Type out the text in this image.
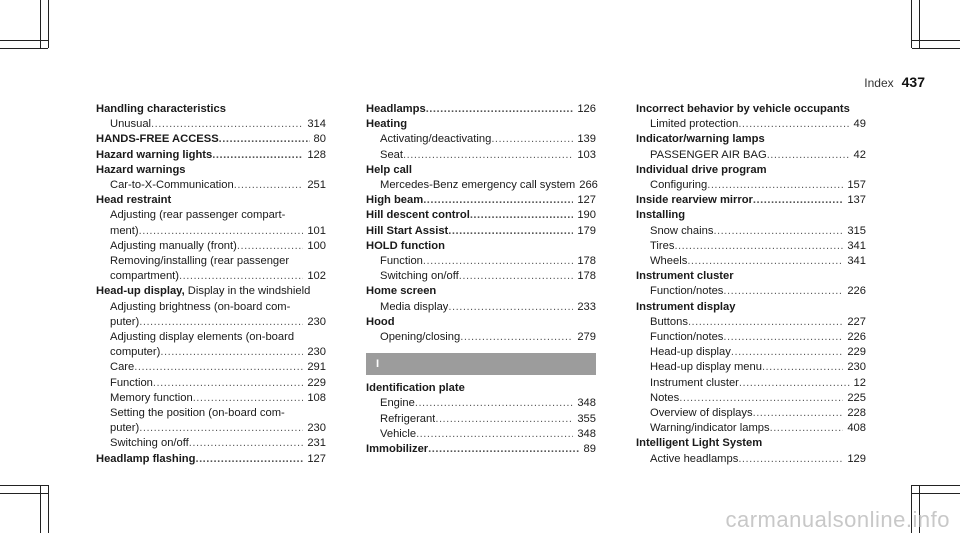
Index 437
Handling characteristics
Unusual .....	314
HANDS-FREE ACCESS .....	80
Hazard warning lights .....	128
Hazard warnings
Car-to-X-Communication .....	251
Head restraint
Adjusting (rear passenger compart-
ment) .....	101
Adjusting manually (front) .....	100
Removing/installing (rear passenger
compartment) .....	102
Head-up display, Display in the windshield
Adjusting brightness (on-board com-
puter) .....	230
Adjusting display elements (on-board
computer) .....	230
Care .....	291
Function .....	229
Memory function .....	108
Setting the position (on-board com-
puter) .....	230
Switching on/off .....	231
Headlamp flashing .....	127
Headlamps .....	126
Heating
Activating/deactivating .....	139
Seat .....	103
Help call
Mercedes-Benz emergency call system 266
High beam .....	127
Hill descent control .....	190
Hill Start Assist .....	179
HOLD function
Function .....	178
Switching on/off .....	178
Home screen
Media display .....	233
Hood
Opening/closing .....	279
I
Identification plate
Engine .....	348
Refrigerant .....	355
Vehicle .....	348
Immobilizer .....	89
Incorrect behavior by vehicle occupants
Limited protection .....	49
Indicator/warning lamps
PASSENGER AIR BAG .....	42
Individual drive program
Configuring .....	157
Inside rearview mirror .....	137
Installing
Snow chains .....	315
Tires .....	341
Wheels .....	341
Instrument cluster
Function/notes .....	226
Instrument display
Buttons .....	227
Function/notes .....	226
Head-up display .....	229
Head-up display menu .....	230
Instrument cluster .....	12
Notes .....	225
Overview of displays .....	228
Warning/indicator lamps .....	408
Intelligent Light System
Active headlamps .....	129
carmanualsonline.info
